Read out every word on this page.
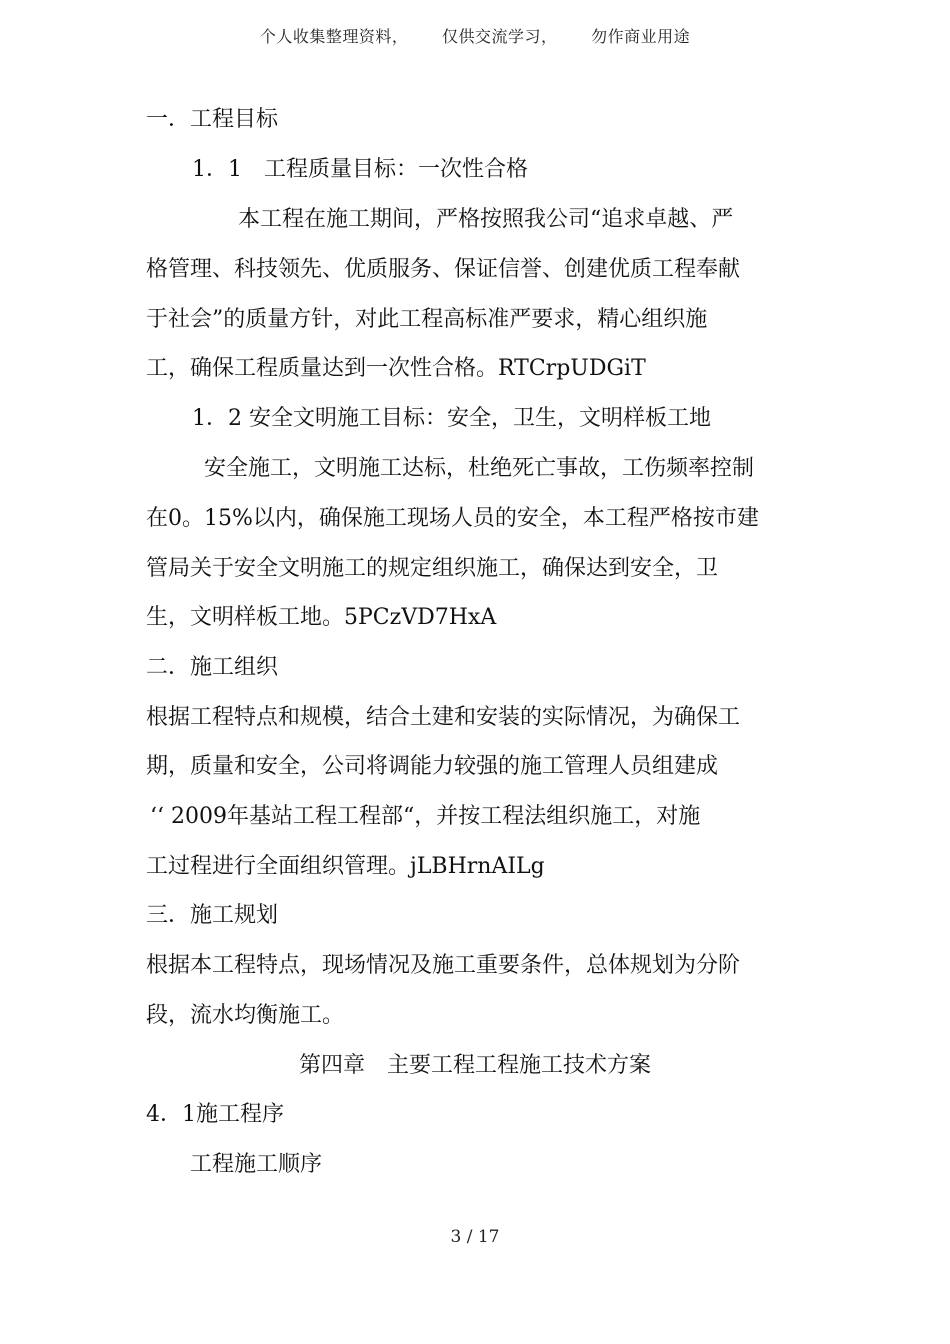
个人收集整理资料， 仅供交流学习， 勿作商业用途
一．工程目标
1．1　工程质量目标：一次性合格
本工程在施工期间，严格按照我公司“追求卓越、严
格管理、科技领先、优质服务、保证信誉、创建优质工程奉献
于社会”的质量方针，对此工程高标准严要求，精心组织施
工，确保工程质量达到一次性合格。RTCrpUDGiT
1．2 安全文明施工目标：安全，卫生，文明样板工地
安全施工，文明施工达标，杜绝死亡事故，工伤频率控制
在0。15%以内，确保施工现场人员的安全，本工程严格按市建
管局关于安全文明施工的规定组织施工，确保达到安全，卫
生，文明样板工地。5PCzVD7HxA
二．施工组织
根据工程特点和规模，结合土建和安装的实际情况，为确保工
期，质量和安全，公司将调能力较强的施工管理人员组建成
‘‘ 2009年基站工程工程部“，并按工程法组织施工，对施
工过程进行全面组织管理。jLBHrnAILg
三．施工规划
根据本工程特点，现场情况及施工重要条件，总体规划为分阶
段，流水均衡施工。
第四章　主要工程工程施工技术方案
4．1施工程序
工程施工顺序
3 / 17
